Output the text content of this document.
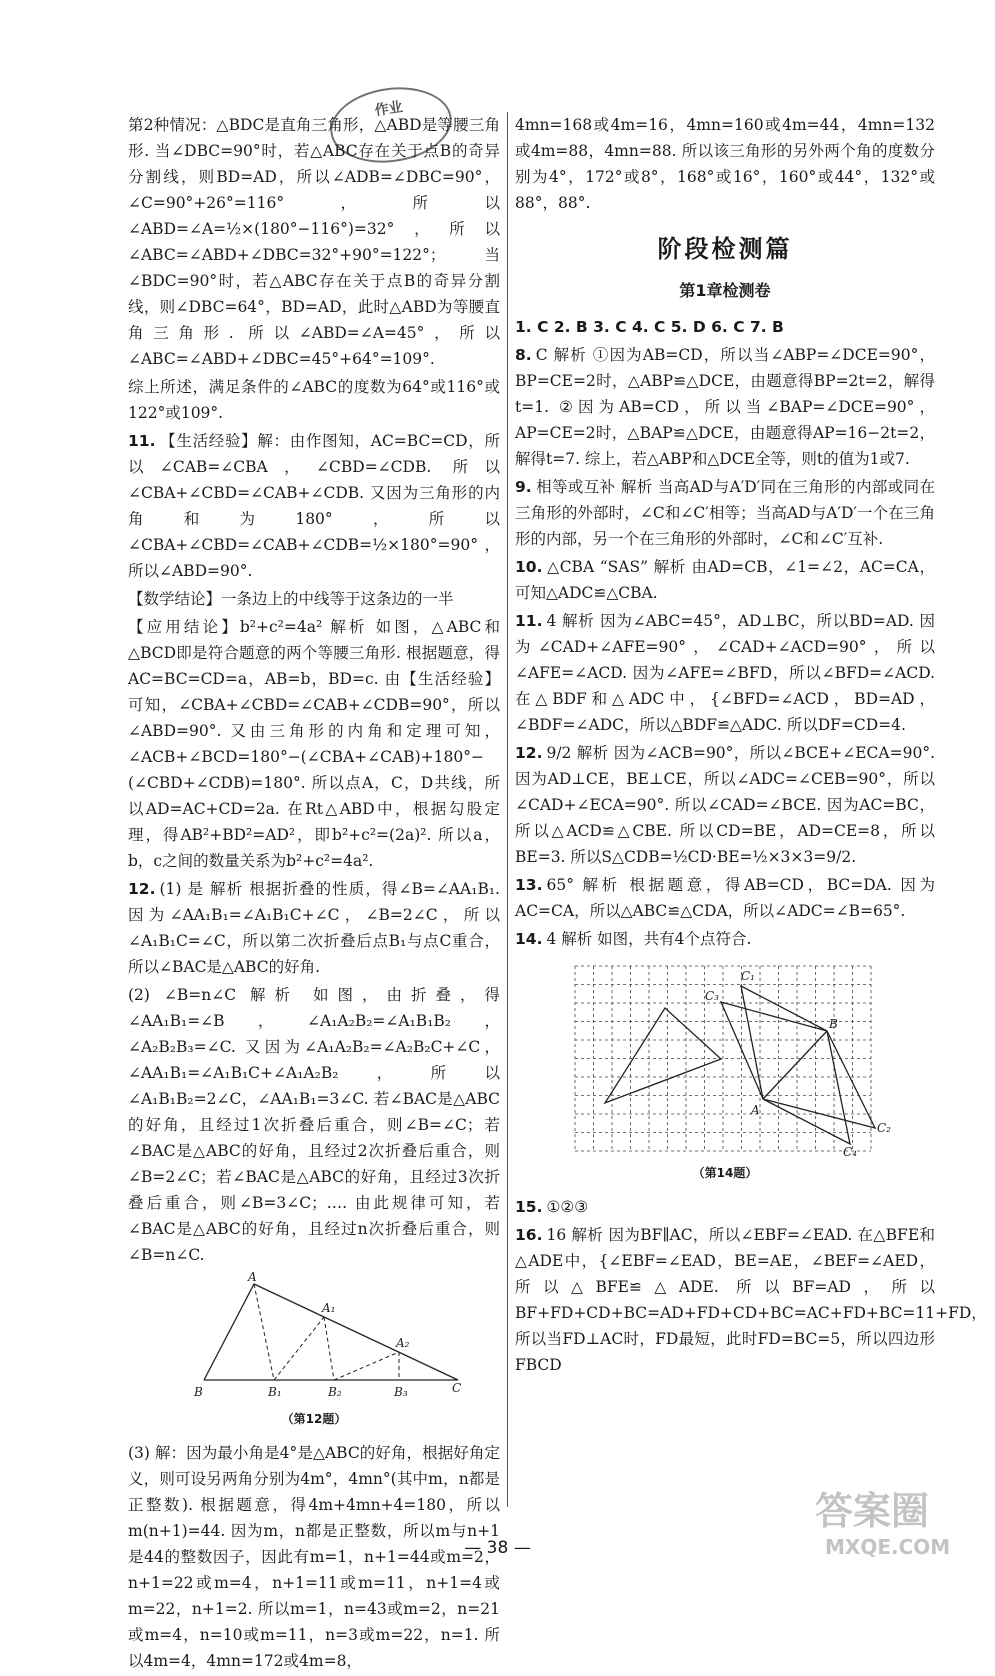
作业

第2种情况：△BDC是直角三角形，△ABD是等腰三角形. 当∠DBC=90°时，若△ABC存在关于点B的奇异分割线，则BD=AD，所以∠ADB=∠DBC=90°，∠C=90°+26°=116°，所以∠ABD=∠A=½×(180°−116°)=32°，所以∠ABC=∠ABD+∠DBC=32°+90°=122°；当∠BDC=90°时，若△ABC存在关于点B的奇异分割线，则∠DBC=64°，BD=AD，此时△ABD为等腰直角三角形. 所以∠ABD=∠A=45°，所以∠ABC=∠ABD+∠DBC=45°+64°=109°.

综上所述，满足条件的∠ABC的度数为64°或116°或122°或109°.

11. 【生活经验】解：由作图知，AC=BC=CD，所以∠CAB=∠CBA，∠CBD=∠CDB. 所以∠CBA+∠CBD=∠CAB+∠CDB. 又因为三角形的内角和为180°，所以∠CBA+∠CBD=∠CAB+∠CDB=½×180°=90°，所以∠ABD=90°.

【数学结论】一条边上的中线等于这条边的一半

【应用结论】b²+c²=4a² 解析 如图，△ABC和△BCD即是符合题意的两个等腰三角形. 根据题意，得AC=BC=CD=a，AB=b，BD=c. 由【生活经验】可知，∠CBA+∠CBD=∠CAB+∠CDB=90°，所以∠ABD=90°. 又由三角形的内角和定理可知，∠ACB+∠BCD=180°−(∠CBA+∠CAB)+180°−(∠CBD+∠CDB)=180°. 所以点A，C，D共线，所以AD=AC+CD=2a. 在Rt△ABD中，根据勾股定理，得AB²+BD²=AD²，即b²+c²=(2a)². 所以a，b，c之间的数量关系为b²+c²=4a².

12. (1) 是 解析 根据折叠的性质，得∠B=∠AA₁B₁. 因为∠AA₁B₁=∠A₁B₁C+∠C，∠B=2∠C，所以∠A₁B₁C=∠C，所以第二次折叠后点B₁与点C重合，所以∠BAC是△ABC的好角.

(2) ∠B=n∠C 解析 如图，由折叠，得∠AA₁B₁=∠B，∠A₁A₂B₂=∠A₁B₁B₂，∠A₂B₂B₃=∠C. 又因为∠A₁A₂B₂=∠A₂B₂C+∠C，∠AA₁B₁=∠A₁B₁C+∠A₁A₂B₂，所以∠A₁B₁B₂=2∠C，∠AA₁B₁=3∠C. 若∠BAC是△ABC的好角，且经过1次折叠后重合，则∠B=∠C；若∠BAC是△ABC的好角，且经过2次折叠后重合，则∠B=2∠C；若∠BAC是△ABC的好角，且经过3次折叠后重合，则∠B=3∠C；…. 由此规律可知，若∠BAC是△ABC的好角，且经过n次折叠后重合，则∠B=n∠C.

A
A₁
A₂
B	B₁	B₂	B₃	C
（第12题）

(3) 解：因为最小角是4°是△ABC的好角，根据好角定义，则可设另两角分别为4m°，4mn°(其中m，n都是正整数). 根据题意，得4m+4mn+4=180，所以m(n+1)=44. 因为m，n都是正整数，所以m与n+1是44的整数因子，因此有m=1，n+1=44或m=2，n+1=22或m=4，n+1=11或m=11，n+1=4或m=22，n+1=2. 所以m=1，n=43或m=2，n=21或m=4，n=10或m=11，n=3或m=22，n=1. 所以4m=4，4mn=172或4m=8，

4mn=168或4m=16，4mn=160或4m=44，4mn=132或4m=88，4mn=88. 所以该三角形的另外两个角的度数分别为4°，172°或8°，168°或16°，160°或44°，132°或88°，88°.

阶段检测篇
第1章检测卷

1. C 2. B 3. C 4. C 5. D 6. C 7. B

8. C 解析 ①因为AB=CD，所以当∠ABP=∠DCE=90°，BP=CE=2时，△ABP≌△DCE，由题意得BP=2t=2，解得t=1. ②因为AB=CD，所以当∠BAP=∠DCE=90°，AP=CE=2时，△BAP≌△DCE，由题意得AP=16−2t=2，解得t=7. 综上，若△ABP和△DCE全等，则t的值为1或7.

9. 相等或互补 解析 当高AD与A′D′同在三角形的内部或同在三角形的外部时，∠C和∠C′相等；当高AD与A′D′一个在三角形的内部，另一个在三角形的外部时，∠C和∠C′互补.

10. △CBA “SAS” 解析 由AD=CB，∠1=∠2，AC=CA，可知△ADC≌△CBA.

11. 4 解析 因为∠ABC=45°，AD⊥BC，所以BD=AD. 因为∠CAD+∠AFE=90°，∠CAD+∠ACD=90°，所以∠AFE=∠ACD. 因为∠AFE=∠BFD，所以∠BFD=∠ACD. 在△BDF和△ADC中，{∠BFD=∠ACD，BD=AD，∠BDF=∠ADC，所以△BDF≌△ADC. 所以DF=CD=4.

12. 9/2 解析 因为∠ACB=90°，所以∠BCE+∠ECA=90°. 因为AD⊥CE，BE⊥CE，所以∠ADC=∠CEB=90°，所以∠CAD+∠ECA=90°. 所以∠CAD=∠BCE. 因为AC=BC，所以△ACD≌△CBE. 所以CD=BE，AD=CE=8，所以BE=3. 所以S△CDB=½CD·BE=½×3×3=9/2.

13. 65° 解析 根据题意，得AB=CD，BC=DA. 因为AC=CA，所以△ABC≌△CDA，所以∠ADC=∠B=65°.

14. 4 解析 如图，共有4个点符合.

A
B
C₁
C₂
C₃
C₄
（第14题）

15. ①②③

16. 16 解析 因为BF∥AC，所以∠EBF=∠EAD. 在△BFE和△ADE中，{∠EBF=∠EAD，BE=AE，∠BEF=∠AED，所以△BFE≌△ADE. 所以BF=AD，所以BF+FD+CD+BC=AD+FD+CD+BC=AC+FD+BC=11+FD，所以当FD⊥AC时，FD最短，此时FD=BC=5，所以四边形FBCD

— 38 —
答案圈
MXQE.COM
